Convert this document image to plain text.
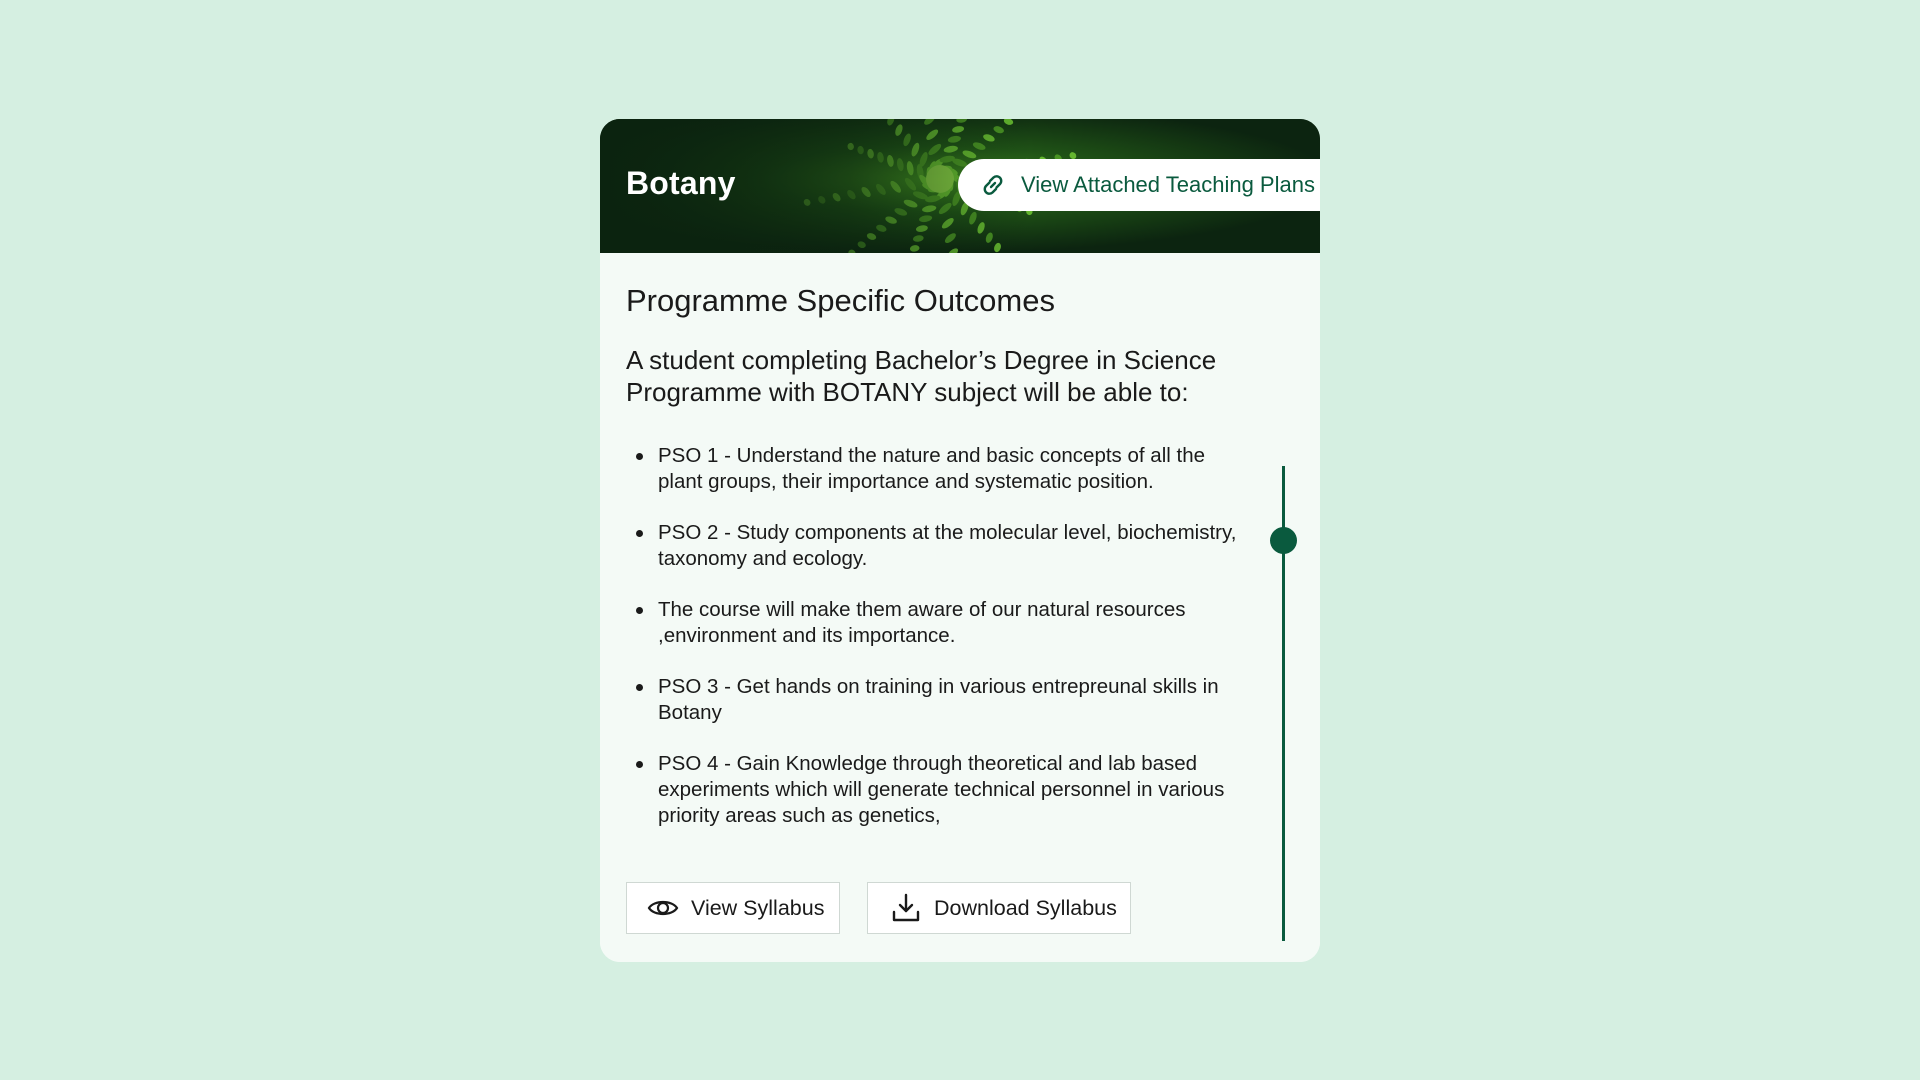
Botany	View Attached Teaching Plans
Programme Specific Outcomes
A student completing Bachelor’s Degree in Science Programme with BOTANY subject will be able to:
PSO 1 - Understand the nature and basic concepts of all the plant groups, their importance and systematic position.
PSO 2 - Study components at the molecular level, biochemistry, taxonomy and ecology.
The course will make them aware of our natural resources ,environment and its importance.
PSO 3 - Get hands on training in various entrepreunal skills in Botany
PSO 4 - Gain Knowledge through theoretical and lab based experiments which will generate technical personnel in various priority areas such as genetics,
View Syllabus	Download Syllabus
